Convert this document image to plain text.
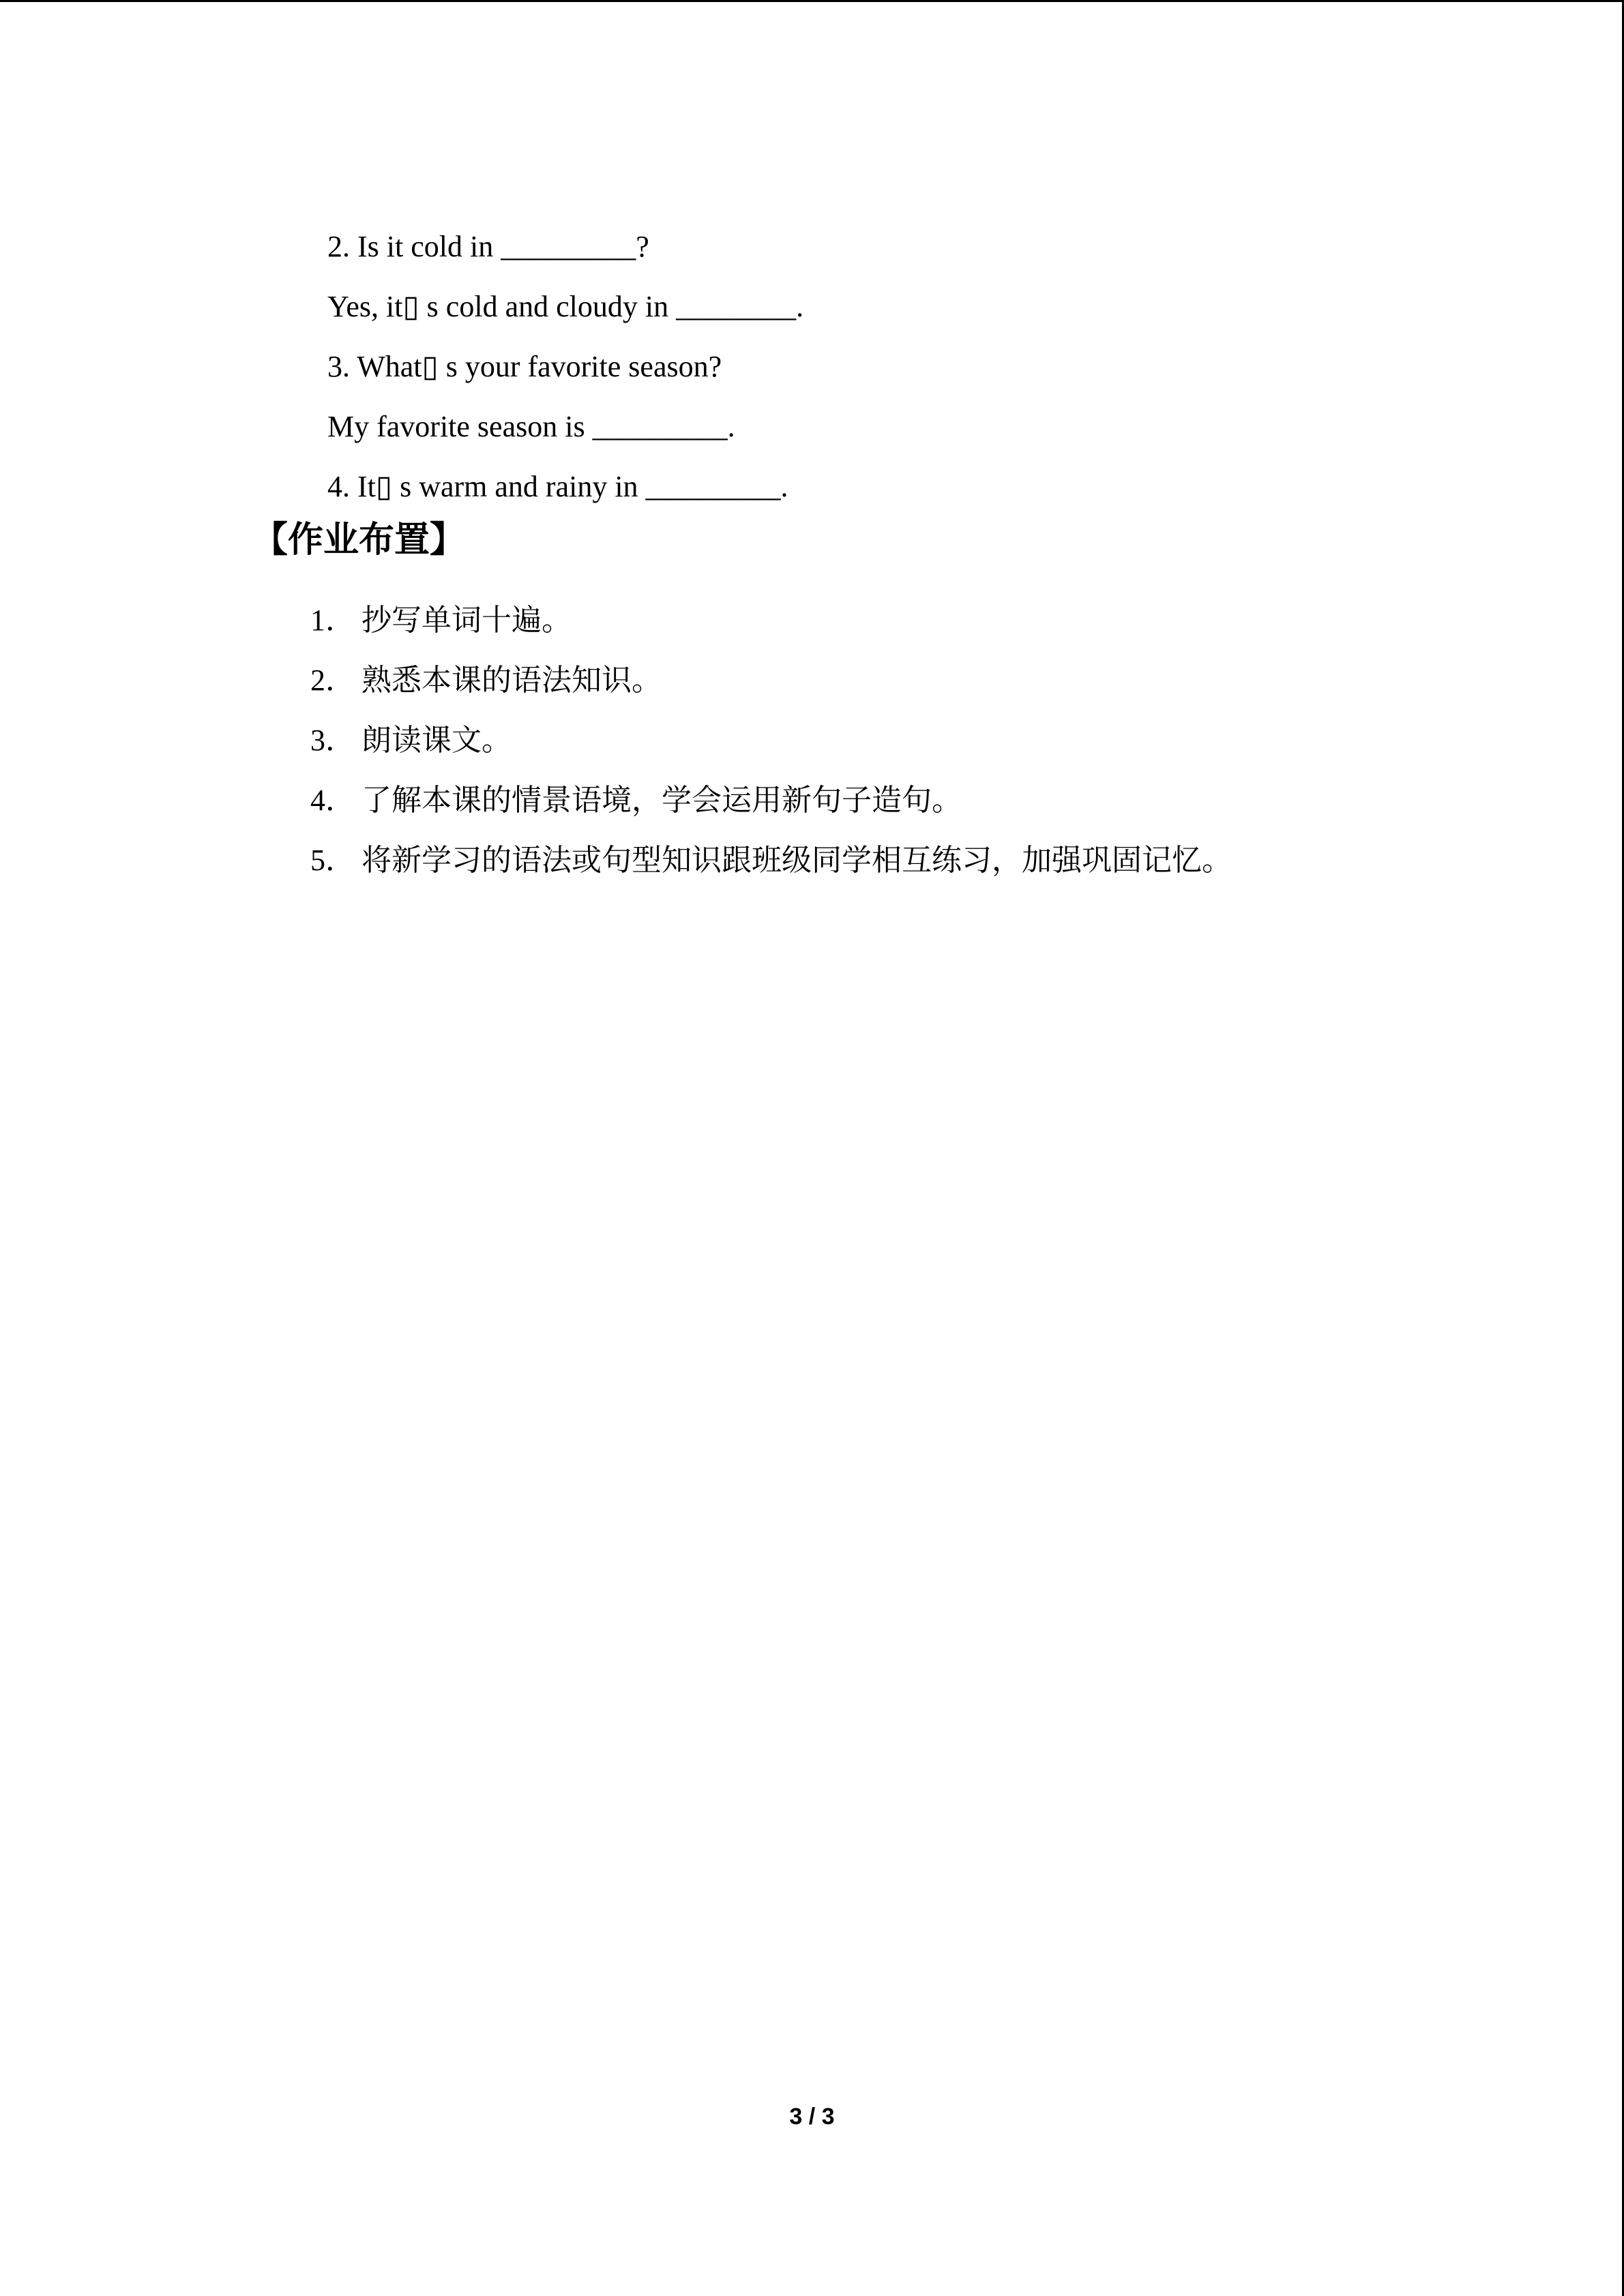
2. Is it cold in _________?
Yes, it▯ s cold and cloudy in ________.
3. What▯ s your favorite season?
My favorite season is _________.
4. It▯ s warm and rainy in _________.
【作业布置】
1． 抄写单词十遍。
2． 熟悉本课的语法知识。
3． 朗读课文。
4． 了解本课的情景语境，学会运用新句子造句。
5． 将新学习的语法或句型知识跟班级同学相互练习，加强巩固记忆。
3 / 3
